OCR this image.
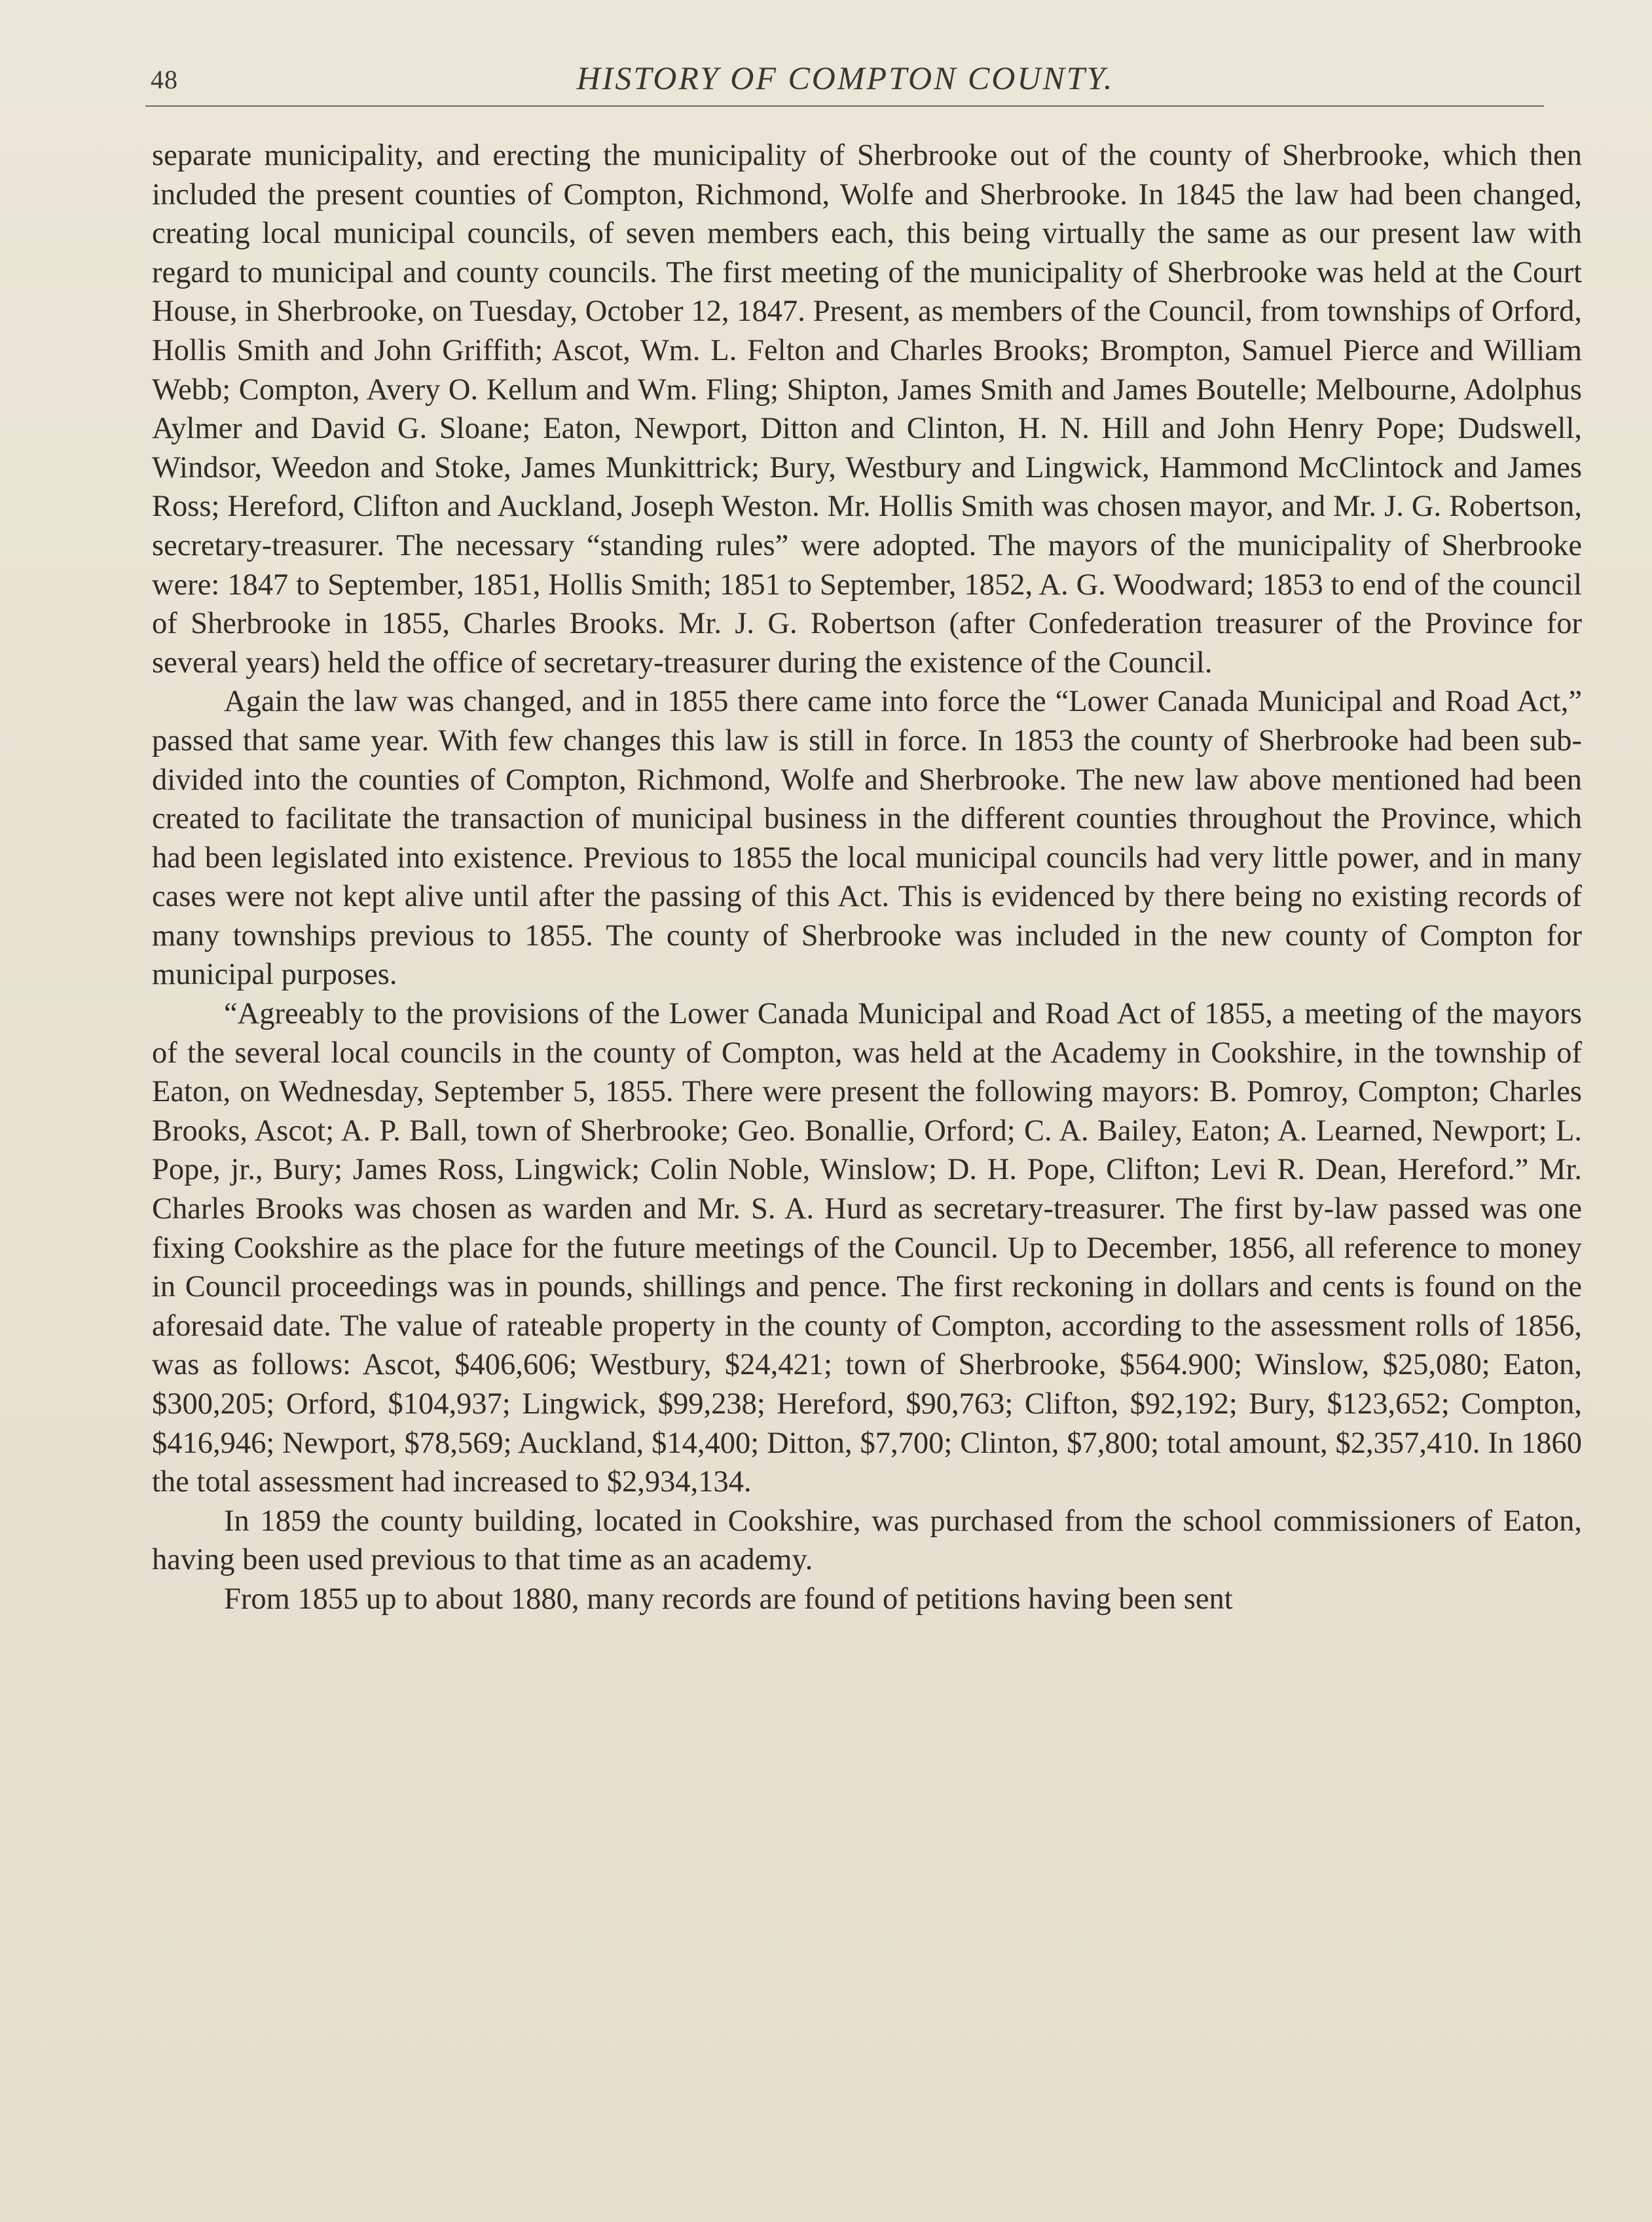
48	HISTORY OF COMPTON COUNTY.

separate municipality, and erecting the municipality of Sherbrooke out of the county of Sherbrooke, which then included the present counties of Compton, Richmond, Wolfe and Sherbrooke. In 1845 the law had been changed, creating local municipal councils, of seven members each, this being virtually the same as our present law with regard to municipal and county councils. The first meeting of the municipality of Sherbrooke was held at the Court House, in Sherbrooke, on Tuesday, October 12, 1847. Present, as members of the Council, from townships of Orford, Hollis Smith and John Griffith; Ascot, Wm. L. Felton and Charles Brooks; Brompton, Samuel Pierce and William Webb; Compton, Avery O. Kellum and Wm. Fling; Shipton, James Smith and James Boutelle; Melbourne, Adolphus Aylmer and David G. Sloane; Eaton, Newport, Ditton and Clinton, H. N. Hill and John Henry Pope; Dudswell, Windsor, Weedon and Stoke, James Munkittrick; Bury, Westbury and Lingwick, Hammond McClintock and James Ross; Hereford, Clifton and Auckland, Joseph Weston. Mr. Hollis Smith was chosen mayor, and Mr. J. G. Robertson, secretary-treasurer. The necessary “standing rules” were adopted. The mayors of the municipality of Sherbrooke were: 1847 to September, 1851, Hollis Smith; 1851 to September, 1852, A. G. Woodward; 1853 to end of the council of Sherbrooke in 1855, Charles Brooks. Mr. J. G. Robertson (after Confederation treasurer of the Province for several years) held the office of secretary-treasurer during the existence of the Council.

Again the law was changed, and in 1855 there came into force the “Lower Canada Municipal and Road Act,” passed that same year. With few changes this law is still in force. In 1853 the county of Sherbrooke had been sub-divided into the counties of Compton, Richmond, Wolfe and Sherbrooke. The new law above mentioned had been created to facilitate the transaction of municipal business in the different counties throughout the Province, which had been legislated into existence. Previous to 1855 the local municipal councils had very little power, and in many cases were not kept alive until after the passing of this Act. This is evidenced by there being no existing records of many townships previous to 1855. The county of Sherbrooke was included in the new county of Compton for municipal purposes.

“Agreeably to the provisions of the Lower Canada Municipal and Road Act of 1855, a meeting of the mayors of the several local councils in the county of Compton, was held at the Academy in Cookshire, in the township of Eaton, on Wednesday, September 5, 1855. There were present the following mayors: B. Pomroy, Compton; Charles Brooks, Ascot; A. P. Ball, town of Sherbrooke; Geo. Bonallie, Orford; C. A. Bailey, Eaton; A. Learned, Newport; L. Pope, jr., Bury; James Ross, Lingwick; Colin Noble, Winslow; D. H. Pope, Clifton; Levi R. Dean, Hereford.” Mr. Charles Brooks was chosen as warden and Mr. S. A. Hurd as secretary-treasurer. The first by-law passed was one fixing Cookshire as the place for the future meetings of the Council. Up to December, 1856, all reference to money in Council proceedings was in pounds, shillings and pence. The first reckoning in dollars and cents is found on the aforesaid date. The value of rateable property in the county of Compton, according to the assessment rolls of 1856, was as follows: Ascot, $406,606; Westbury, $24,421; town of Sherbrooke, $564.900; Winslow, $25,080; Eaton, $300,205; Orford, $104,937; Lingwick, $99,238; Hereford, $90,763; Clifton, $92,192; Bury, $123,652; Compton, $416,946; Newport, $78,569; Auckland, $14,400; Ditton, $7,700; Clinton, $7,800; total amount, $2,357,410. In 1860 the total assessment had increased to $2,934,134.

In 1859 the county building, located in Cookshire, was purchased from the school commissioners of Eaton, having been used previous to that time as an academy.

From 1855 up to about 1880, many records are found of petitions having been sent
